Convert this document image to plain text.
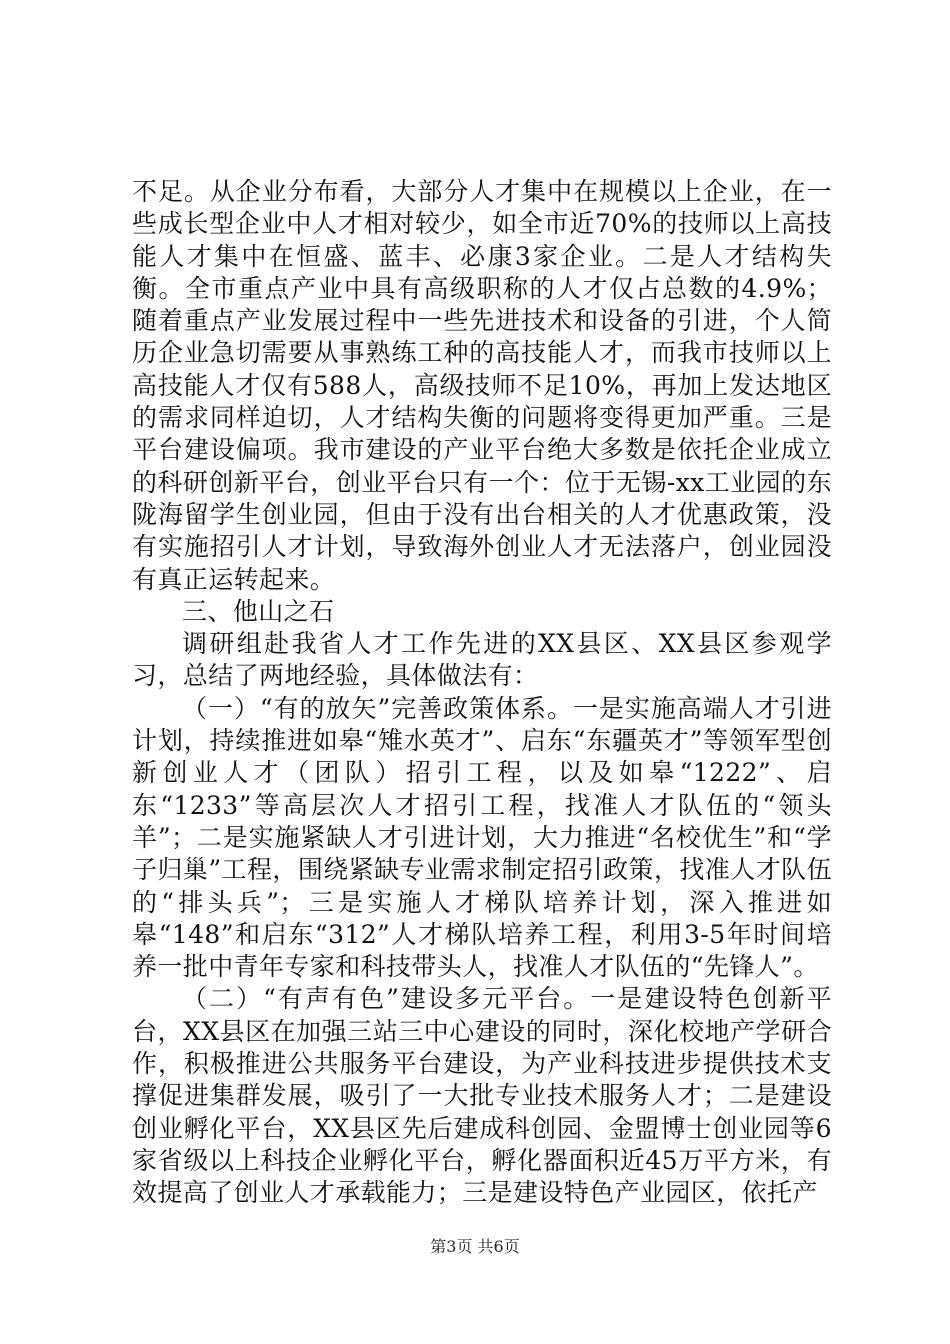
不足。从企业分布看，大部分人才集中在规模以上企业，在一些成长型企业中人才相对较少，如全市近70%的技师以上高技能人才集中在恒盛、蓝丰、必康3家企业。二是人才结构失衡。全市重点产业中具有高级职称的人才仅占总数的4.9%；随着重点产业发展过程中一些先进技术和设备的引进，个人简历企业急切需要从事熟练工种的高技能人才，而我市技师以上高技能人才仅有588人，高级技师不足10%，再加上发达地区的需求同样迫切，人才结构失衡的问题将变得更加严重。三是平台建设偏项。我市建设的产业平台绝大多数是依托企业成立的科研创新平台，创业平台只有一个：位于无锡-xx工业园的东陇海留学生创业园，但由于没有出台相关的人才优惠政策，没有实施招引人才计划，导致海外创业人才无法落户，创业园没有真正运转起来。

三、他山之石

调研组赴我省人才工作先进的XX县区、XX县区参观学习，总结了两地经验，具体做法有：

（一）“有的放矢”完善政策体系。一是实施高端人才引进计划，持续推进如皋“雉水英才”、启东“东疆英才”等领军型创新创业人才（团队）招引工程，以及如皋“1222”、启东“1233”等高层次人才招引工程，找准人才队伍的“领头羊”；二是实施紧缺人才引进计划，大力推进“名校优生”和“学子归巢”工程，围绕紧缺专业需求制定招引政策，找准人才队伍的“排头兵”；三是实施人才梯队培养计划，深入推进如皋“148”和启东“312”人才梯队培养工程，利用3-5年时间培养一批中青年专家和科技带头人，找准人才队伍的“先锋人”。

（二）“有声有色”建设多元平台。一是建设特色创新平台，XX县区在加强三站三中心建设的同时，深化校地产学研合作，积极推进公共服务平台建设，为产业科技进步提供技术支撑促进集群发展，吸引了一大批专业技术服务人才；二是建设创业孵化平台，XX县区先后建成科创园、金盟博士创业园等6家省级以上科技企业孵化平台，孵化器面积近45万平方米，有效提高了创业人才承载能力；三是建设特色产业园区，依托产

第3页 共6页
